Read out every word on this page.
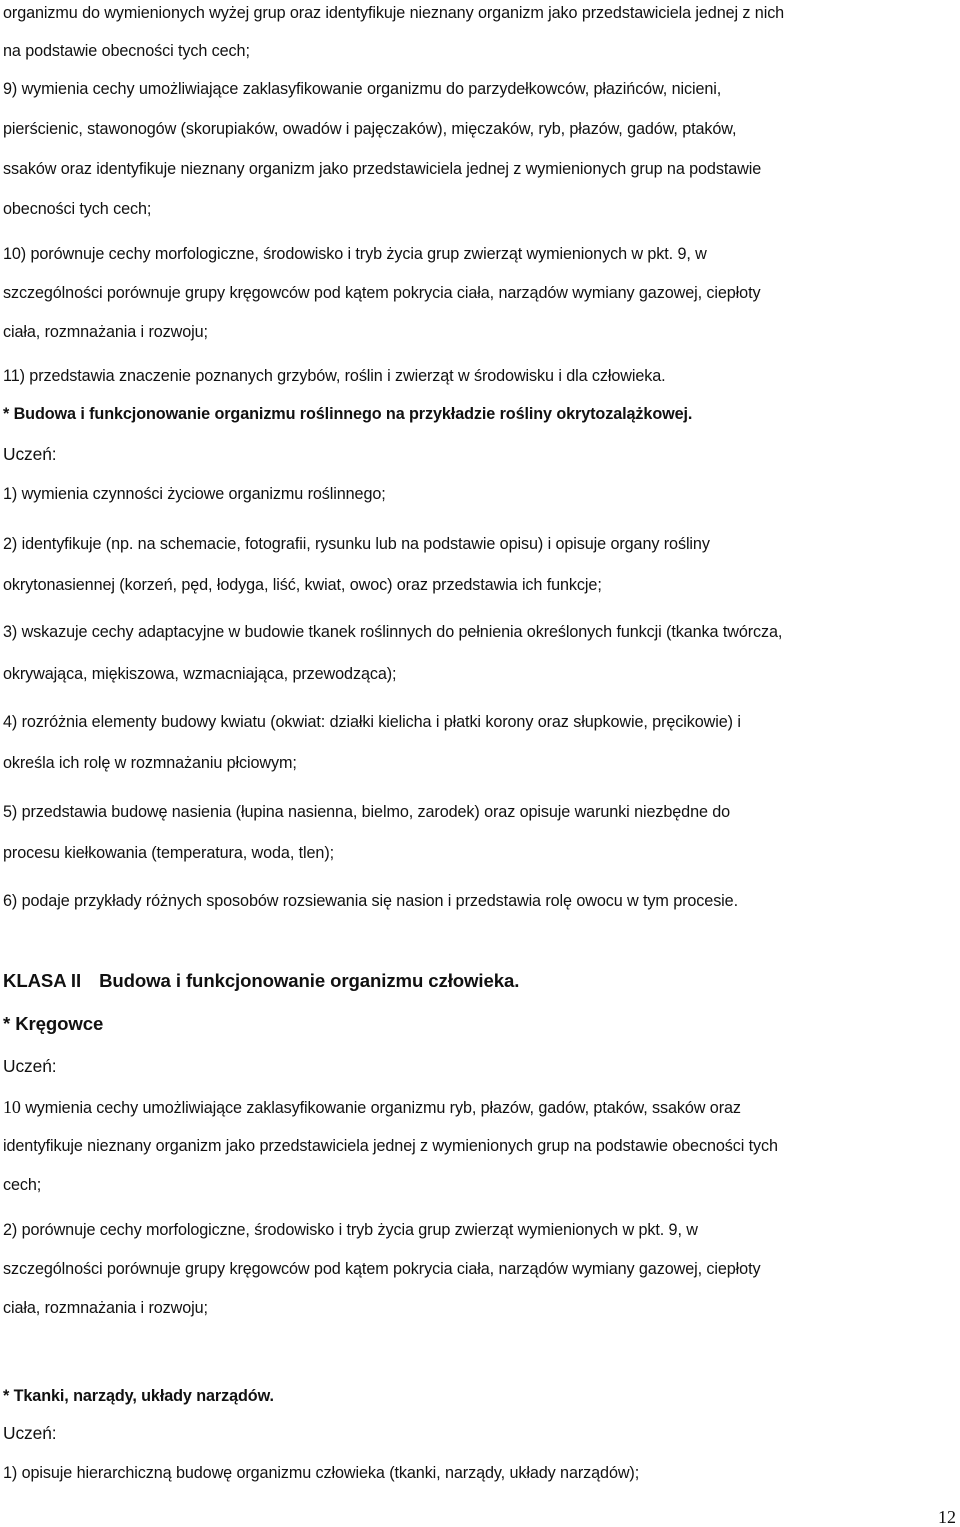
organizmu do wymienionych wyżej grup oraz identyfikuje nieznany organizm jako przedstawiciela jednej z nich
na podstawie obecności tych cech;
9) wymienia cechy umożliwiające zaklasyfikowanie organizmu do parzydełkowców, płazińców, nicieni,
pierścienic, stawonogów (skorupiaków, owadów i pajęczaków), mięczaków, ryb, płazów, gadów, ptaków,
ssaków oraz identyfikuje nieznany organizm jako przedstawiciela jednej z wymienionych grup na podstawie
obecności tych cech;
10) porównuje cechy morfologiczne, środowisko i tryb życia grup zwierząt wymienionych w pkt. 9, w
szczególności porównuje grupy kręgowców pod kątem pokrycia ciała, narządów wymiany gazowej, ciepłoty
ciała, rozmnażania i rozwoju;
11) przedstawia znaczenie poznanych grzybów, roślin i zwierząt w środowisku i dla człowieka.
* Budowa i funkcjonowanie organizmu roślinnego na przykładzie rośliny okrytozalążkowej.
Uczeń:
1) wymienia czynności życiowe organizmu roślinnego;
2) identyfikuje (np. na schemacie, fotografii, rysunku lub na podstawie opisu) i opisuje organy rośliny
okrytonasiennej (korzeń, pęd, łodyga, liść, kwiat, owoc) oraz przedstawia ich funkcje;
3) wskazuje cechy adaptacyjne w budowie tkanek roślinnych do pełnienia określonych funkcji (tkanka twórcza,
okrywająca, miękiszowa, wzmacniająca, przewodząca);
4) rozróżnia elementy budowy kwiatu (okwiat: działki kielicha i płatki korony oraz słupkowie, pręcikowie) i
określa ich rolę w rozmnażaniu płciowym;
5) przedstawia budowę nasienia (łupina nasienna, bielmo, zarodek) oraz opisuje warunki niezbędne do
procesu kiełkowania (temperatura, woda, tlen);
6) podaje przykłady różnych sposobów rozsiewania się nasion i przedstawia rolę owocu w tym procesie.
KLASA II Budowa i funkcjonowanie organizmu człowieka.
* Kręgowce
Uczeń:
10 wymienia cechy umożliwiające zaklasyfikowanie organizmu ryb, płazów, gadów, ptaków, ssaków oraz
identyfikuje nieznany organizm jako przedstawiciela jednej z wymienionych grup na podstawie obecności tych
cech;
2) porównuje cechy morfologiczne, środowisko i tryb życia grup zwierząt wymienionych w pkt. 9, w
szczególności porównuje grupy kręgowców pod kątem pokrycia ciała, narządów wymiany gazowej, ciepłoty
ciała, rozmnażania i rozwoju;
* Tkanki, narządy, układy narządów.
Uczeń:
1) opisuje hierarchiczną budowę organizmu człowieka (tkanki, narządy, układy narządów);
12
